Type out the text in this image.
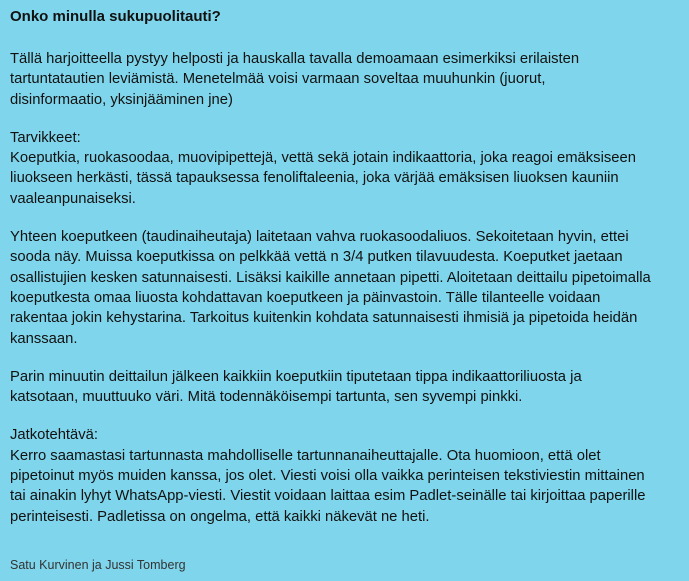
Onko minulla sukupuolitauti?
Tällä harjoitteella pystyy helposti ja hauskalla tavalla demoamaan esimerkiksi erilaisten
tartuntatautien leviämistä. Menetelmää voisi varmaan soveltaa muuhunkin (juorut,
disinformaatio, yksinjääminen jne)
Tarvikkeet:
Koeputkia, ruokasoodaa, muovipipettejä, vettä sekä jotain indikaattoria, joka reagoi emäksiseen
liuokseen herkästi, tässä tapauksessa fenoliftaleenia, joka värjää emäksisen liuoksen kauniin
vaaleanpunaiseksi.
Yhteen koeputkeen (taudinaiheutaja) laitetaan vahva ruokasoodaliuos. Sekoitetaan hyvin, ettei
sooda näy. Muissa koeputkissa on pelkkää vettä n 3/4 putken tilavuudesta. Koeputket jaetaan
osallistujien kesken satunnaisesti. Lisäksi kaikille annetaan pipetti. Aloitetaan deittailu pipetoimalla
koeputkesta omaa liuosta kohdattavan koeputkeen ja päinvastoin. Tälle tilanteelle voidaan
rakentaa jokin kehystarina. Tarkoitus kuitenkin kohdata satunnaisesti ihmisiä ja pipetoida heidän
kanssaan.
Parin minuutin deittailun jälkeen kaikkiin koeputkiin tiputetaan tippa indikaattoriliuosta ja
katsotaan, muuttuuko väri. Mitä todennäköisempi tartunta, sen syvempi pinkki.
Jatkotehtävä:
Kerro saamastasi tartunnasta mahdolliselle tartunnanaiheuttajalle. Ota huomioon, että olet
pipetoinut myös muiden kanssa, jos olet. Viesti voisi olla vaikka perinteisen tekstiviestin mittainen
tai ainakin lyhyt WhatsApp-viesti. Viestit voidaan laittaa esim Padlet-seinälle tai kirjoittaa paperille
perinteisesti. Padletissa on ongelma, että kaikki näkevät ne heti.
Satu Kurvinen ja Jussi Tomberg
